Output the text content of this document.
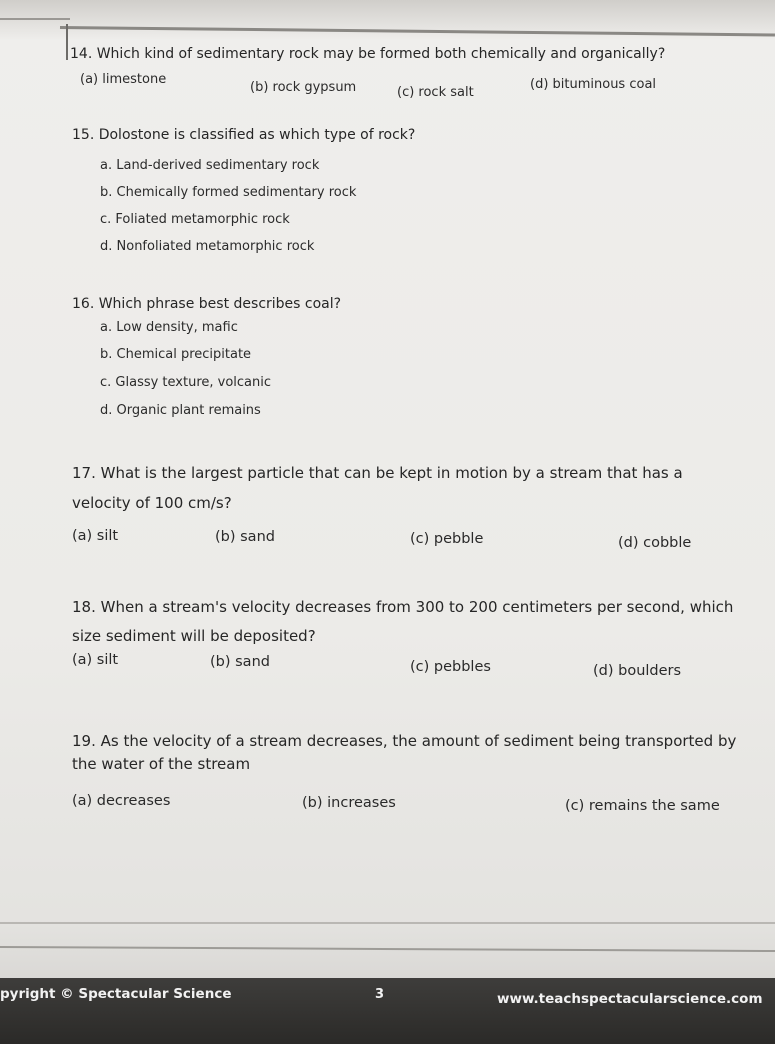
14. Which kind of sedimentary rock may be formed both chemically and organically?
(a) limestone
(b) rock gypsum	(c) rock salt
(d) bituminous coal
15. Dolostone is classified as which type of rock?
a. Land-derived sedimentary rock
b. Chemically formed sedimentary rock
c. Foliated metamorphic rock
d. Nonfoliated metamorphic rock
16. Which phrase best describes coal?
a. Low density, mafic
b. Chemical precipitate
c. Glassy texture, volcanic
d. Organic plant remains
17. What is the largest particle that can be kept in motion by a stream that has a
velocity of 100 cm/s?
(a) silt	(b) sand	(c) pebble	(d) cobble
18. When a stream's velocity decreases from 300 to 200 centimeters per second, which
size sediment will be deposited?
(a) silt	(b) sand	(c) pebbles	(d) boulders
19. As the velocity of a stream decreases, the amount of sediment being transported by
the water of the stream
(a) decreases	(b) increases	(c) remains the same
pyright © Spectacular Science	3	www.teachspectacularscience.com
